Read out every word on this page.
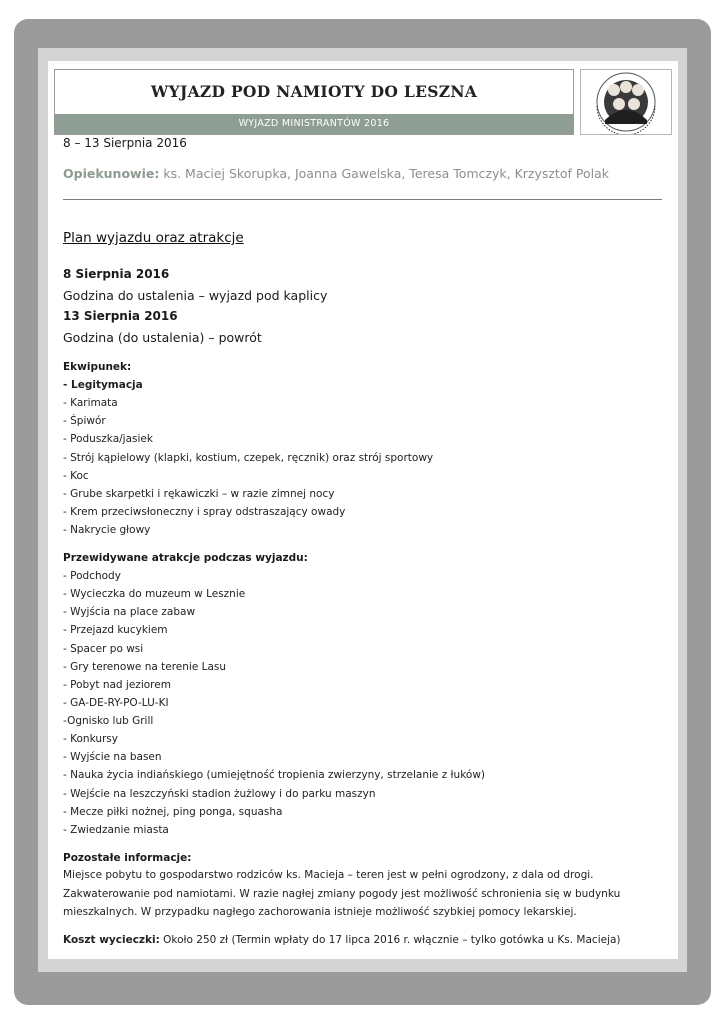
WYJAZD POD NAMIOTY DO LESZNA
WYJAZD MINISTRANTÓW 2016
8 – 13 Sierpnia 2016
Opiekunowie: ks. Maciej Skorupka, Joanna Gawelska, Teresa Tomczyk, Krzysztof Polak
Plan wyjazdu oraz atrakcje
8 Sierpnia 2016
Godzina do ustalenia – wyjazd pod kaplicy
13 Sierpnia 2016
Godzina (do ustalenia) – powrót
Ekwipunek:
- Legitymacja
- Karimata
- Śpiwór
- Poduszka/jasiek
- Strój kąpielowy (klapki, kostium, czepek, ręcznik) oraz strój sportowy
- Koc
- Grube skarpetki i rękawiczki – w razie zimnej nocy
- Krem przeciwsłoneczny i spray odstraszający owady
- Nakrycie głowy
Przewidywane atrakcje podczas wyjazdu:
- Podchody
- Wycieczka do muzeum w Lesznie
- Wyjścia na place zabaw
- Przejazd kucykiem
- Spacer po wsi
- Gry terenowe na terenie Lasu
- Pobyt nad jeziorem
- GA-DE-RY-PO-LU-KI
-Ognisko lub Grill
- Konkursy
- Wyjście na basen
- Nauka życia indiańskiego (umiejętność tropienia zwierzyny, strzelanie z łuków)
- Wejście na leszczyński stadion żużlowy i do parku maszyn
- Mecze piłki nożnej, ping ponga, squasha
- Zwiedzanie miasta
Pozostałe informacje:
Miejsce pobytu to gospodarstwo rodziców ks. Macieja – teren jest w pełni ogrodzony, z dala od drogi. Zakwaterowanie pod namiotami. W razie nagłej zmiany pogody jest możliwość schronienia się w budynku mieszkalnych. W przypadku nagłego zachorowania istnieje możliwość szybkiej pomocy lekarskiej.
Koszt wycieczki: Około 250 zł (Termin wpłaty do 17 lipca 2016 r. włącznie – tylko gotówka u Ks. Macieja)
